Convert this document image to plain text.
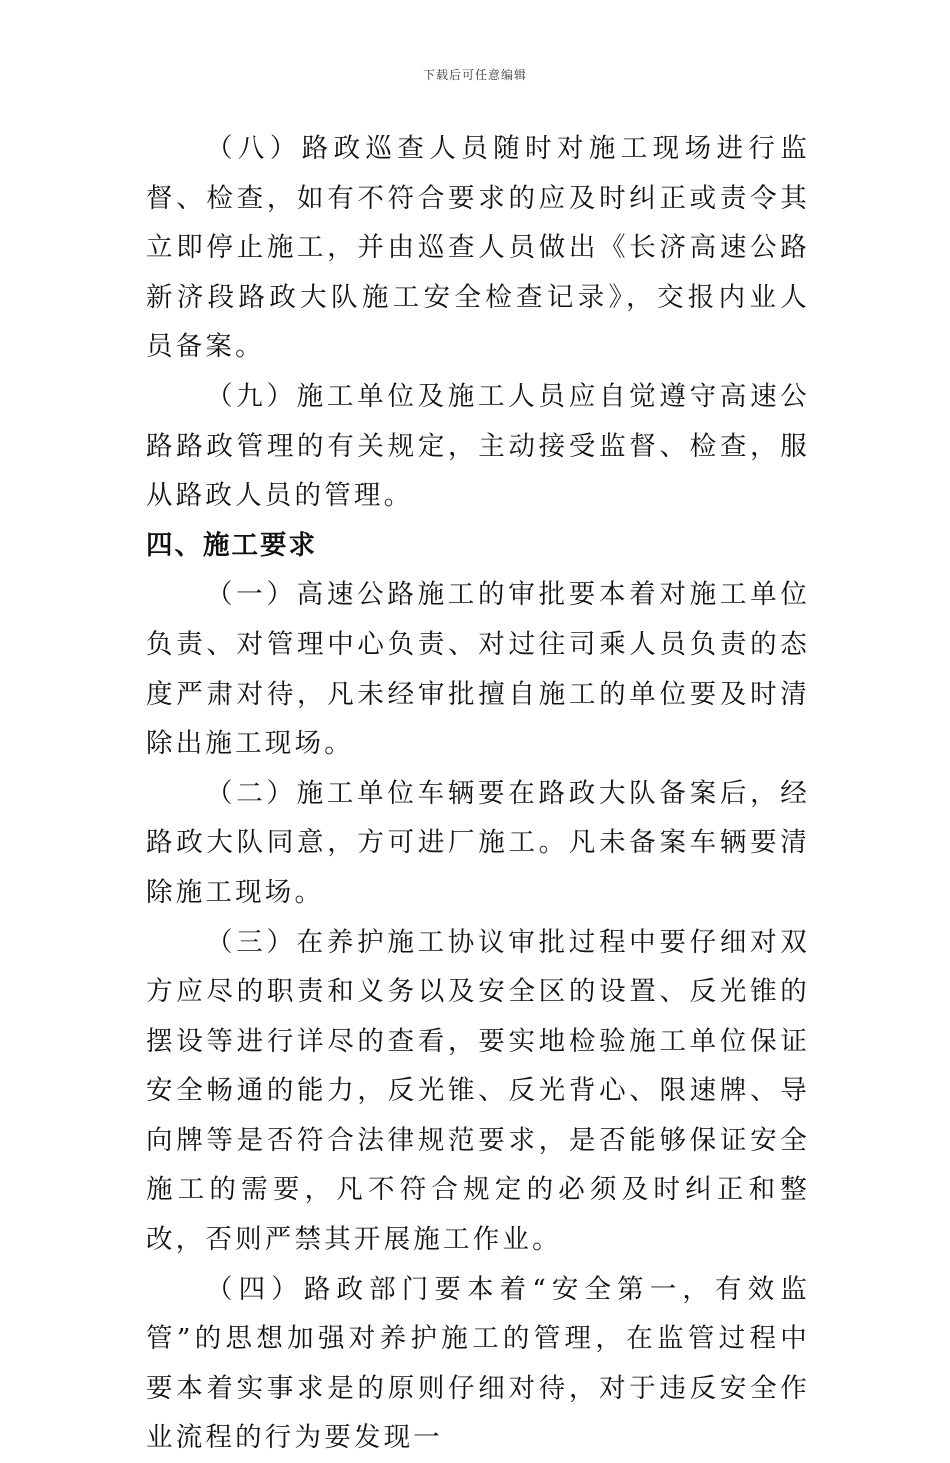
下载后可任意编辑

（八）路政巡查人员随时对施工现场进行监督、检查，如有不符合要求的应及时纠正或责令其立即停止施工，并由巡查人员做出《长济高速公路新济段路政大队施工安全检查记录》，交报内业人员备案。

（九）施工单位及施工人员应自觉遵守高速公路路政管理的有关规定，主动接受监督、检查，服从路政人员的管理。

四、施工要求

（一）高速公路施工的审批要本着对施工单位负责、对管理中心负责、对过往司乘人员负责的态度严肃对待，凡未经审批擅自施工的单位要及时清除出施工现场。

（二）施工单位车辆要在路政大队备案后，经路政大队同意，方可进厂施工。凡未备案车辆要清除施工现场。

（三）在养护施工协议审批过程中要仔细对双方应尽的职责和义务以及安全区的设置、反光锥的摆设等进行详尽的查看，要实地检验施工单位保证安全畅通的能力，反光锥、反光背心、限速牌、导向牌等是否符合法律规范要求，是否能够保证安全施工的需要，凡不符合规定的必须及时纠正和整改，否则严禁其开展施工作业。

（四）路政部门要本着“安全第一，有效监管”的思想加强对养护施工的管理，在监管过程中要本着实事求是的原则仔细对待，对于违反安全作业流程的行为要发现一
